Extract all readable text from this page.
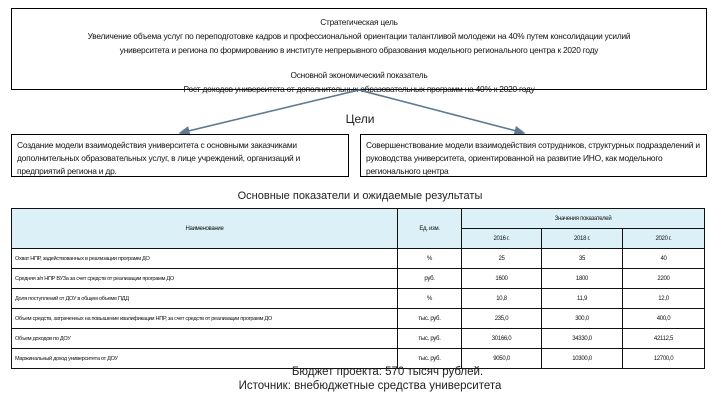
Стратегическая цель
Увеличение объема услуг по переподготовке кадров и профессиональной ориентации талантливой молодежи на 40% путем консолидации усилий
университета и региона по формированию в институте непрерывного образования модельного регионального центра к 2020 году
Основной экономический показатель
Рост доходов университета от дополнительных образовательных программ на 40% к 2020 году
Цели
Создание модели взаимодействия университета с основными заказчиками дополнительных образовательных услуг, в лице учреждений, организаций и предприятий региона и др.
Совершенствование модели взаимодействия сотрудников, структурных подразделений и руководства университета, ориентированной на развитие ИНО, как модельного регионального центра
Основные показатели и ожидаемые результаты
Наименование	Ед. изм.	Значения показателей		
		2016 г.	2018 г.	2020 г.
Охват НПР, задействованных в реализации программ ДО	%	25	35	40
Средняя з/п НПР ВУЗа за счет средств от реализации программ ДО	руб.	1600	1800	2200
Доля поступлений от ДОУ в общем объеме ПДД	%	10,8	11,9	12,0
Объем средств, затраченных на повышение квалификации НПР, за счет средств от реализации программ ДО	тыс. руб.	235,0	300,0	400,0
Объем доходов по ДОУ	тыс. руб.	30166,0	34330,0	42112,5
Маржинальный доход университета от ДОУ	тыс. руб.	9050,0	10300,0	12700,0
Бюджет проекта: 570 тысяч рублей.
Источник: внебюджетные средства университета
